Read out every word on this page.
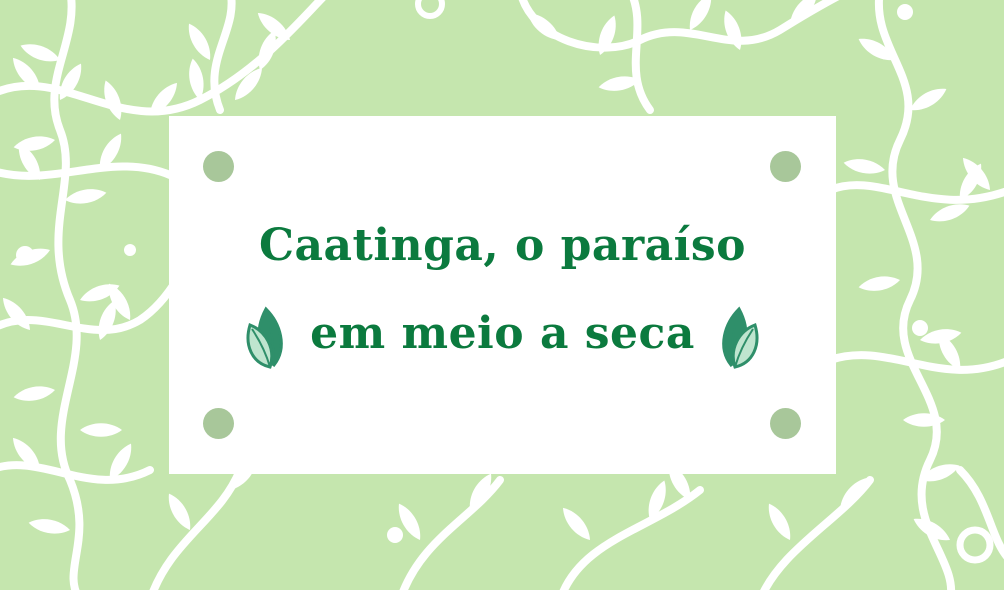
Caatinga, o paraíso
em meio a seca
